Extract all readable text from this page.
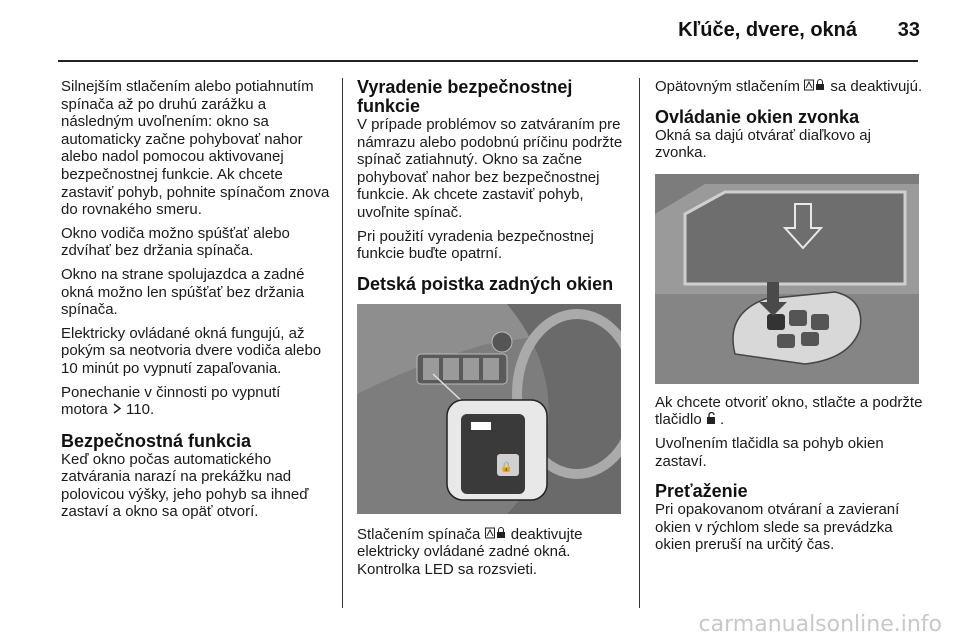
Kľúče, dvere, okná 33

Silnejším stlačením alebo potiahnutím spínača až po druhú zarážku a následným uvoľnením: okno sa automaticky začne pohybovať nahor alebo nadol pomocou aktivovanej bezpečnostnej funkcie. Ak chcete zastaviť pohyb, pohnite spínačom znova do rovnakého smeru.

Okno vodiča možno spúšťať alebo zdvíhať bez držania spínača.

Okno na strane spolujazdca a zadné okná možno len spúšťať bez držania spínača.

Elektricky ovládané okná fungujú, až pokým sa neotvoria dvere vodiča alebo 10 minút po vypnutí zapaľovania.

Ponechanie v činnosti po vypnutí motora 110.

Bezpečnostná funkcia

Keď okno počas automatického zatvárania narazí na prekážku nad polovicou výšky, jeho pohyb sa ihneď zastaví a okno sa opäť otvorí.

Vyradenie bezpečnostnej funkcie

V prípade problémov so zatváraním pre námrazu alebo podobnú príčinu podržte spínač zatiahnutý. Okno sa začne pohybovať nahor bez bezpečnostnej funkcie. Ak chcete zastaviť pohyb, uvoľnite spínač.

Pri použití vyradenia bezpečnostnej funkcie buďte opatrní.

Detská poistka zadných okien
🔒

Stlačením spínača deaktivujte elektricky ovládané zadné okná. Kontrolka LED sa rozsvieti.

Opätovným stlačením sa deaktivujú.

Ovládanie okien zvonka

Okná sa dajú otvárať diaľkovo aj zvonka.

Ak chcete otvoriť okno, stlačte a podržte tlačidlo .

Uvoľnením tlačidla sa pohyb okien zastaví.

Preťaženie

Pri opakovanom otváraní a zavieraní okien v rýchlom slede sa prevádzka okien preruší na určitý čas.

carmanualsonline.info
